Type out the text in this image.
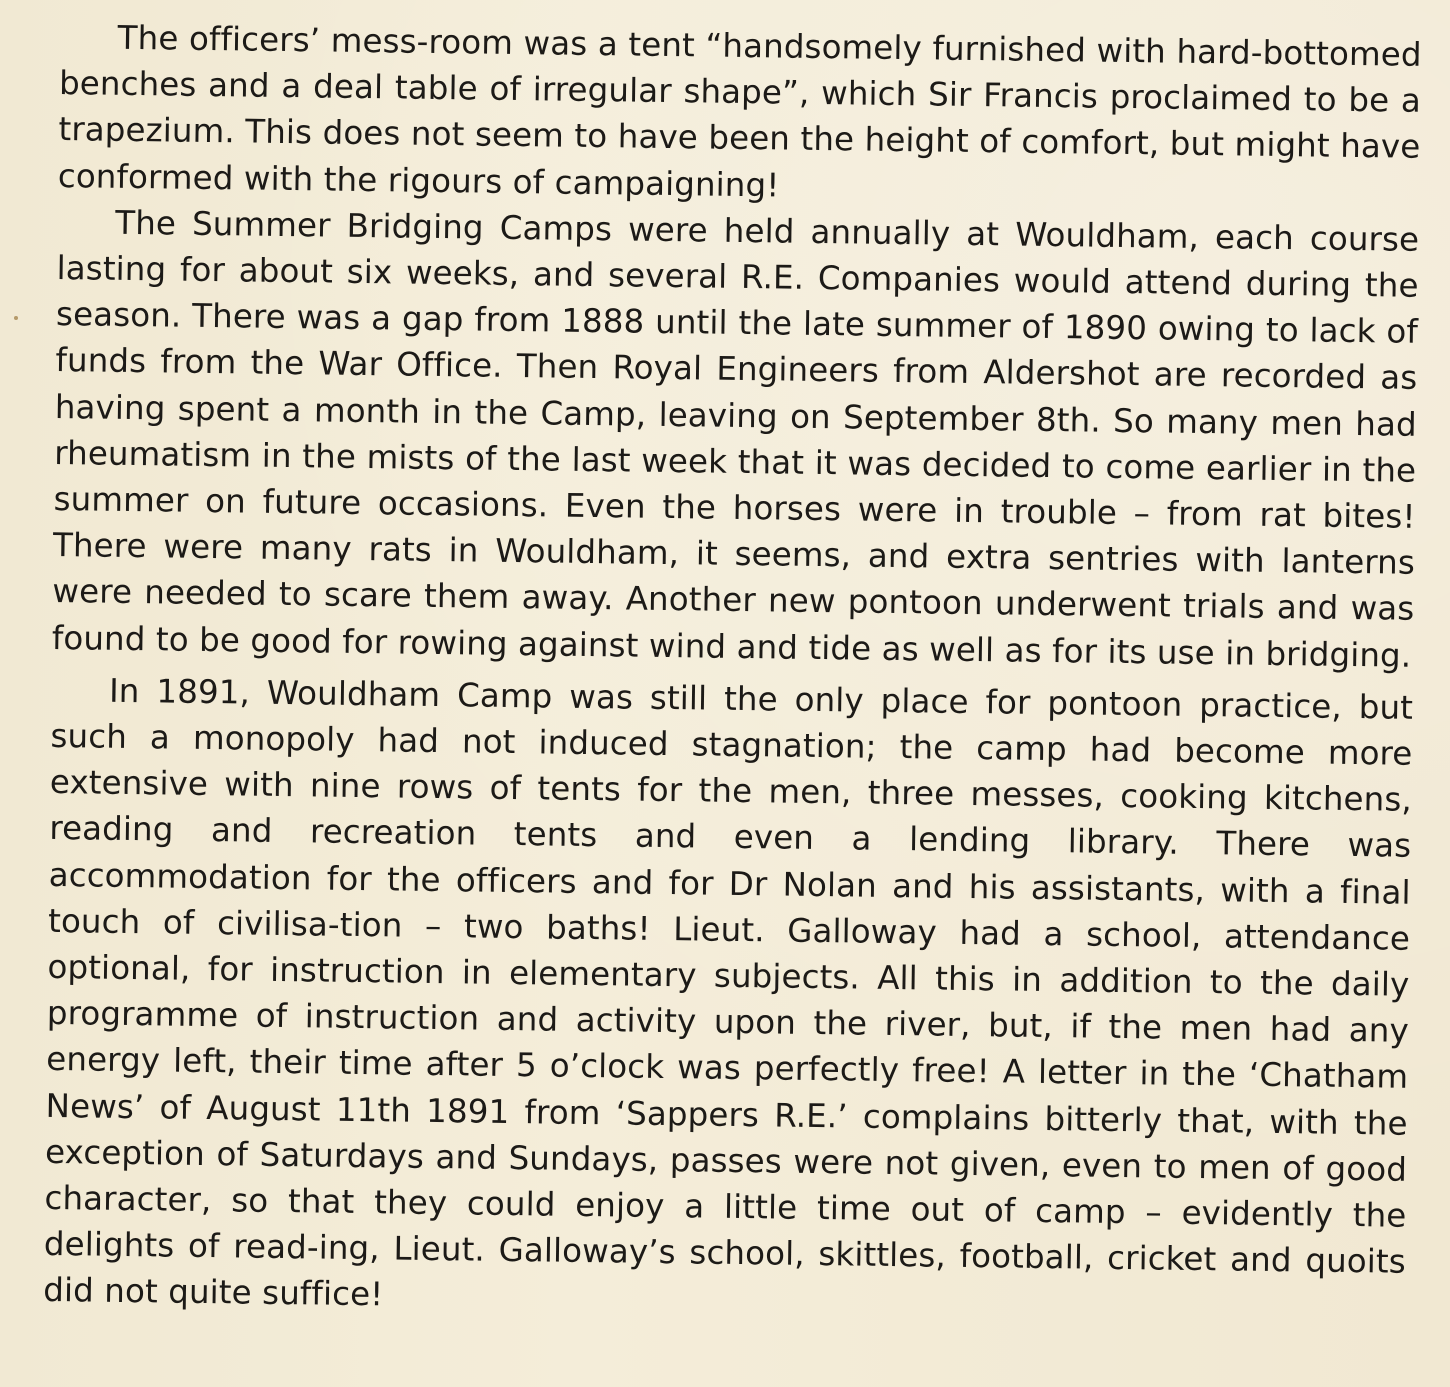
The officers’ mess-room was a tent “handsomely furnished with hard-bottomed benches and a deal table of irregular shape”, which Sir Francis proclaimed to be a trapezium. This does not seem to have been the height of comfort, but might have conformed with the rigours of campaigning!

The Summer Bridging Camps were held annually at Wouldham, each course lasting for about six weeks, and several R.E. Companies would attend during the season. There was a gap from 1888 until the late summer of 1890 owing to lack of funds from the War Office. Then Royal Engineers from Aldershot are recorded as having spent a month in the Camp, leaving on September 8th. So many men had rheumatism in the mists of the last week that it was decided to come earlier in the summer on future occasions. Even the horses were in trouble – from rat bites! There were many rats in Wouldham, it seems, and extra sentries with lanterns were needed to scare them away. Another new pontoon underwent trials and was found to be good for rowing against wind and tide as well as for its use in bridging.

In 1891, Wouldham Camp was still the only place for pontoon practice, but such a monopoly had not induced stagnation; the camp had become more extensive with nine rows of tents for the men, three messes, cooking kitchens, reading and recreation tents and even a lending library. There was accommodation for the officers and for Dr Nolan and his assistants, with a final touch of civilisa-tion – two baths! Lieut. Galloway had a school, attendance optional, for instruction in elementary subjects. All this in addition to the daily programme of instruction and activity upon the river, but, if the men had any energy left, their time after 5 o’clock was perfectly free! A letter in the ‘Chatham News’ of August 11th 1891 from ‘Sappers R.E.’ complains bitterly that, with the exception of Saturdays and Sundays, passes were not given, even to men of good character, so that they could enjoy a little time out of camp – evidently the delights of read-ing, Lieut. Galloway’s school, skittles, football, cricket and quoits did not quite suffice!
